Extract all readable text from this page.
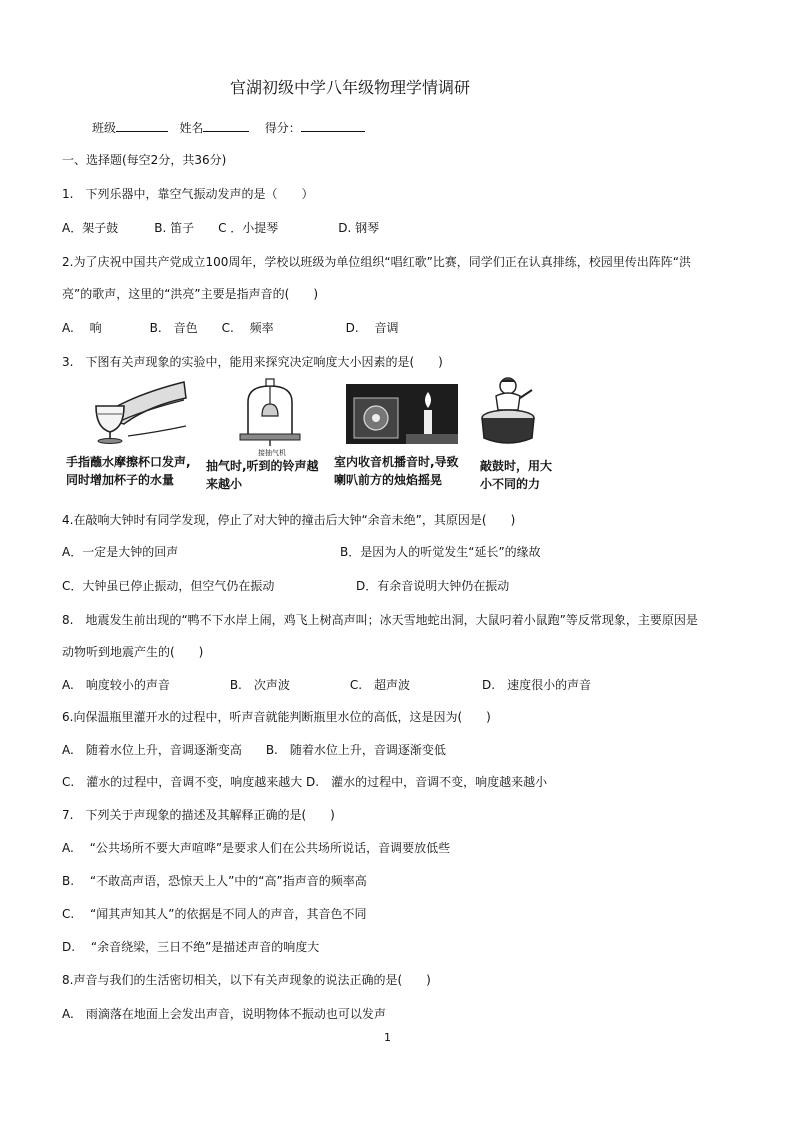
官湖初级中学八年级物理学情调研
班级	姓名	得分：
一、选择题(每空2分，共36分)
1.　下列乐器中，靠空气振动发声的是（　　）
A．架子鼓　　　B. 笛子　　C ．小提琴　　　　　D. 钢琴
2.为了庆祝中国共产党成立100周年，学校以班级为单位组织“唱红歌”比赛，同学们正在认真排练，校园里传出阵阵“洪
亮”的歌声，这里的“洪亮”主要是指声音的(　　)
A.　 响　　　　B.　音色　　C.　 频率　　　　　　D.　 音调
3.　下图有关声现象的实验中，能用来探究决定响度大小因素的是(　　)
接抽气机
手指蘸水摩擦杯口发声,
同时增加杯子的水量
抽气时,听到的铃声越
来越小
室内收音机播音时,导致
喇叭前方的烛焰摇晃
敲鼓时，用大
小不同的力
4.在敲响大钟时有同学发现，停止了对大钟的撞击后大钟“余音未绝”，其原因是(　　)
A．一定是大钟的回声	B．是因为人的听觉发生“延长”的缘故
C．大钟虽已停止振动，但空气仍在振动	D．有余音说明大钟仍在振动
8.　地震发生前出现的“鸭不下水岸上闹，鸡飞上树高声叫；冰天雪地蛇出洞，大鼠叼着小鼠跑”等反常现象，主要原因是
动物听到地震产生的(　　)
A.　响度较小的声音　　　　　B.　次声波　　　　　C.　超声波　　　　　　D.　速度很小的声音
6.向保温瓶里灌开水的过程中，听声音就能判断瓶里水位的高低，这是因为(　　)
A.　随着水位上升，音调逐渐变高　　B.　随着水位上升，音调逐渐变低
C.　灌水的过程中，音调不变，响度越来越大 D.　灌水的过程中，音调不变，响度越来越小
7.　下列关于声现象的描述及其解释正确的是(　　)
A.　 “公共场所不要大声喧哗”是要求人们在公共场所说话，音调要放低些
B.　 “不敢高声语，恐惊天上人”中的“高”指声音的频率高
C.　 “闻其声知其人”的依据是不同人的声音，其音色不同
D.　 “余音绕梁，三日不绝”是描述声音的响度大
8.声音与我们的生活密切相关，以下有关声现象的说法正确的是(　　)
A.　雨滴落在地面上会发出声音，说明物体不振动也可以发声
1
